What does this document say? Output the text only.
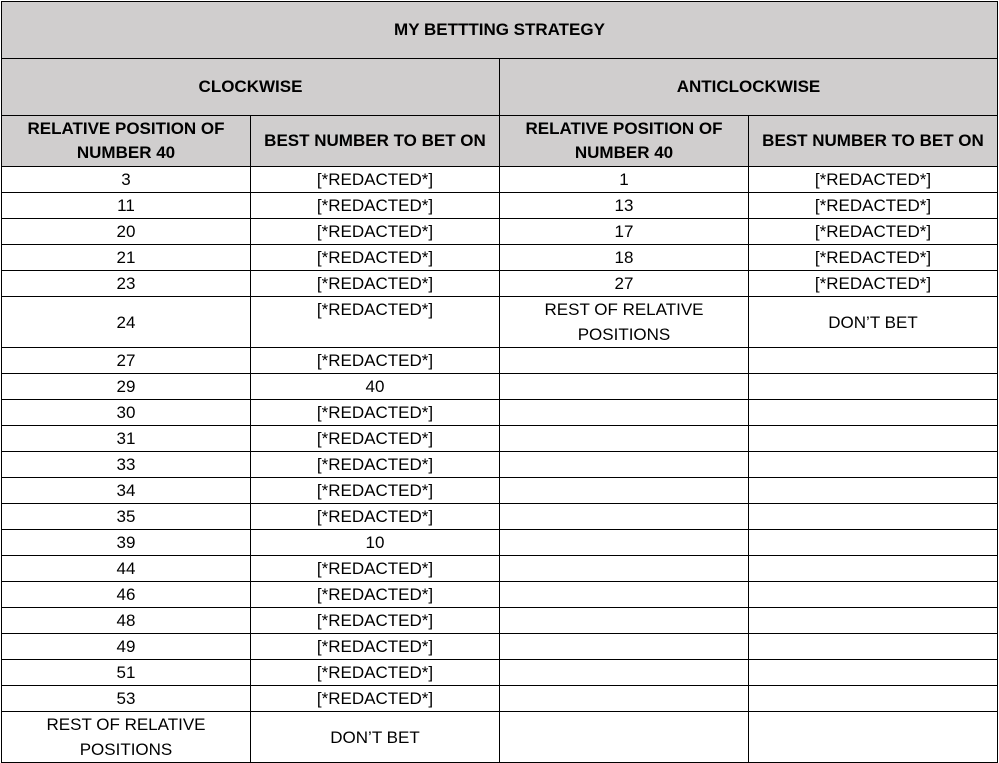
MY BETTTING STRATEGY			
CLOCKWISE		ANTICLOCKWISE	
RELATIVE POSITION OF NUMBER 40	BEST NUMBER TO BET ON	RELATIVE POSITION OF NUMBER 40	BEST NUMBER TO BET ON
3	[*REDACTED*]	1	[*REDACTED*]
11	[*REDACTED*]	13	[*REDACTED*]
20	[*REDACTED*]	17	[*REDACTED*]
21	[*REDACTED*]	18	[*REDACTED*]
23	[*REDACTED*]	27	[*REDACTED*]
24	[*REDACTED*]	REST OF RELATIVE POSITIONS	DON’T BET
27	[*REDACTED*]		
29	40		
30	[*REDACTED*]		
31	[*REDACTED*]		
33	[*REDACTED*]		
34	[*REDACTED*]		
35	[*REDACTED*]		
39	10		
44	[*REDACTED*]		
46	[*REDACTED*]		
48	[*REDACTED*]		
49	[*REDACTED*]		
51	[*REDACTED*]		
53	[*REDACTED*]		
REST OF RELATIVE POSITIONS	DON’T BET		
